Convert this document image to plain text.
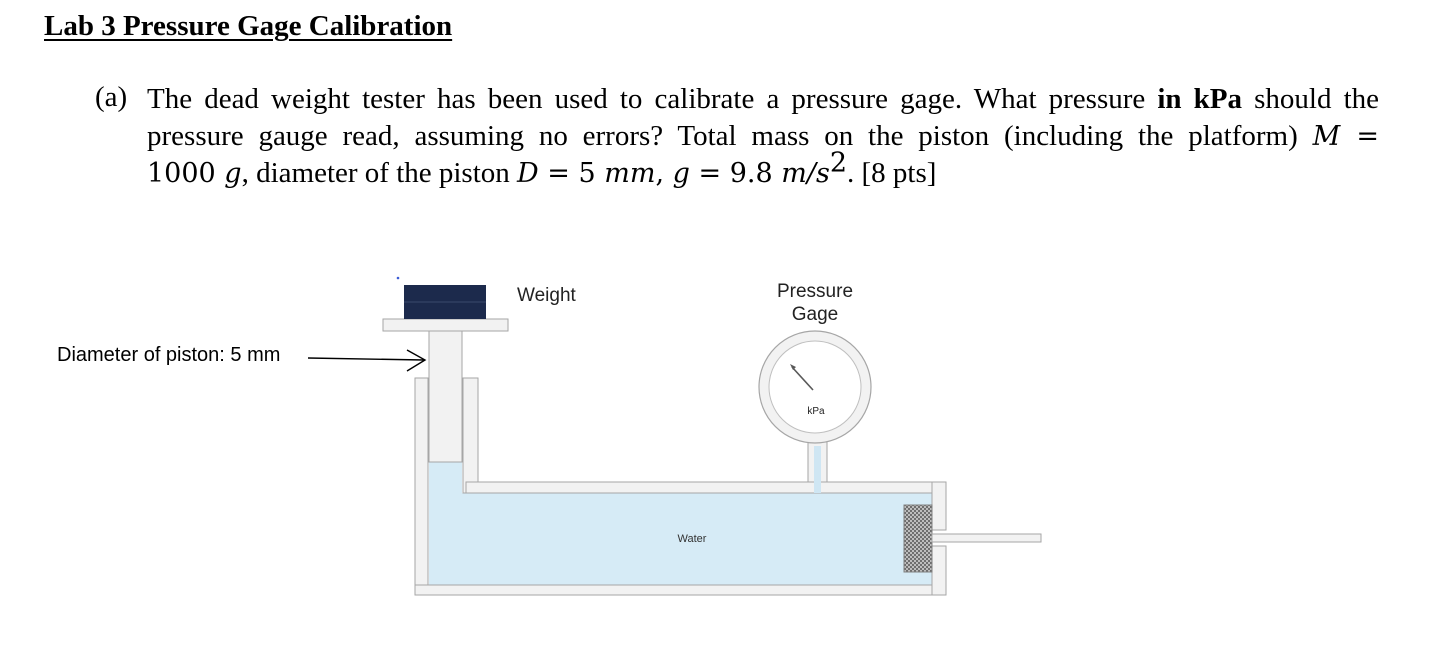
Lab 3 Pressure Gage Calibration
(a) The dead weight tester has been used to calibrate a pressure gage. What pressure in kPa should the
pressure gauge read, assuming no errors? Total mass on the piston (including the platform) M =
1000 g, diameter of the piston D = 5 mm, g = 9.8 $m/s^2$. [8 pts]
kPa
Weight	Pressure
Gage
Water
Diameter of piston: 5 mm
